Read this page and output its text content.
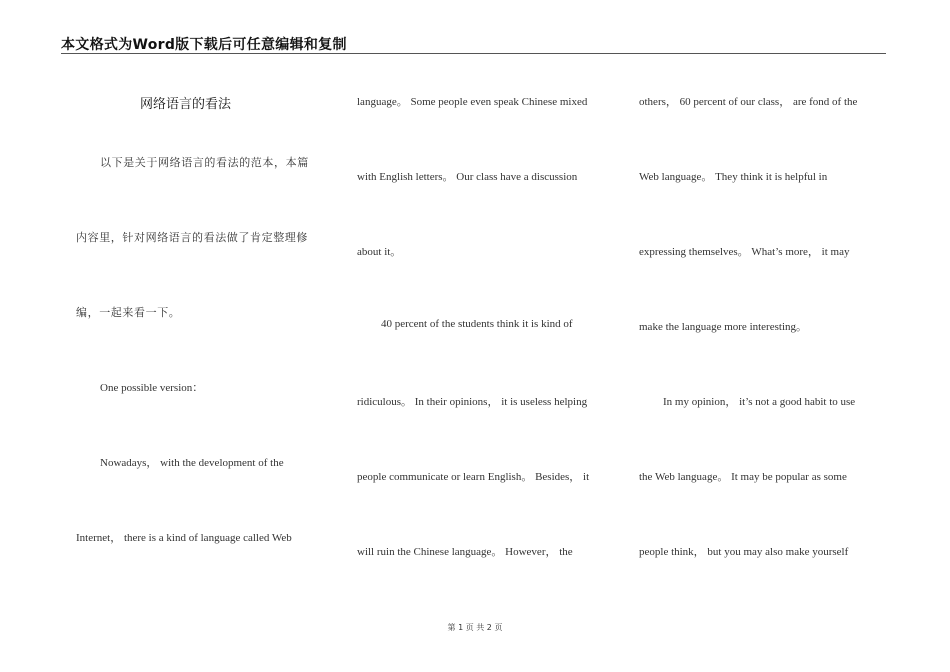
本文格式为Word版下载后可任意编辑和复制
网络语言的看法
以下是关于网络语言的看法的范本，本篇
内容里，针对网络语言的看法做了肯定整理修
编，一起来看一下。
One possible version：
Nowadays， with the development of the
Internet， there is a kind of language called Web
language。 Some people even speak Chinese mixed
with English letters。 Our class have a discussion
about it。
40 percent of the students think it is kind of
ridiculous。 In their opinions， it is useless helping
people communicate or learn English。 Besides， it
will ruin the Chinese language。 However， the
others， 60 percent of our class， are fond of the
Web language。 They think it is helpful in
expressing themselves。 What’s more， it may
make the language more interesting。
In my opinion， it’s not a good habit to use
the Web language。 It may be popular as some
people think， but you may also make yourself
第 1 页 共 2 页
